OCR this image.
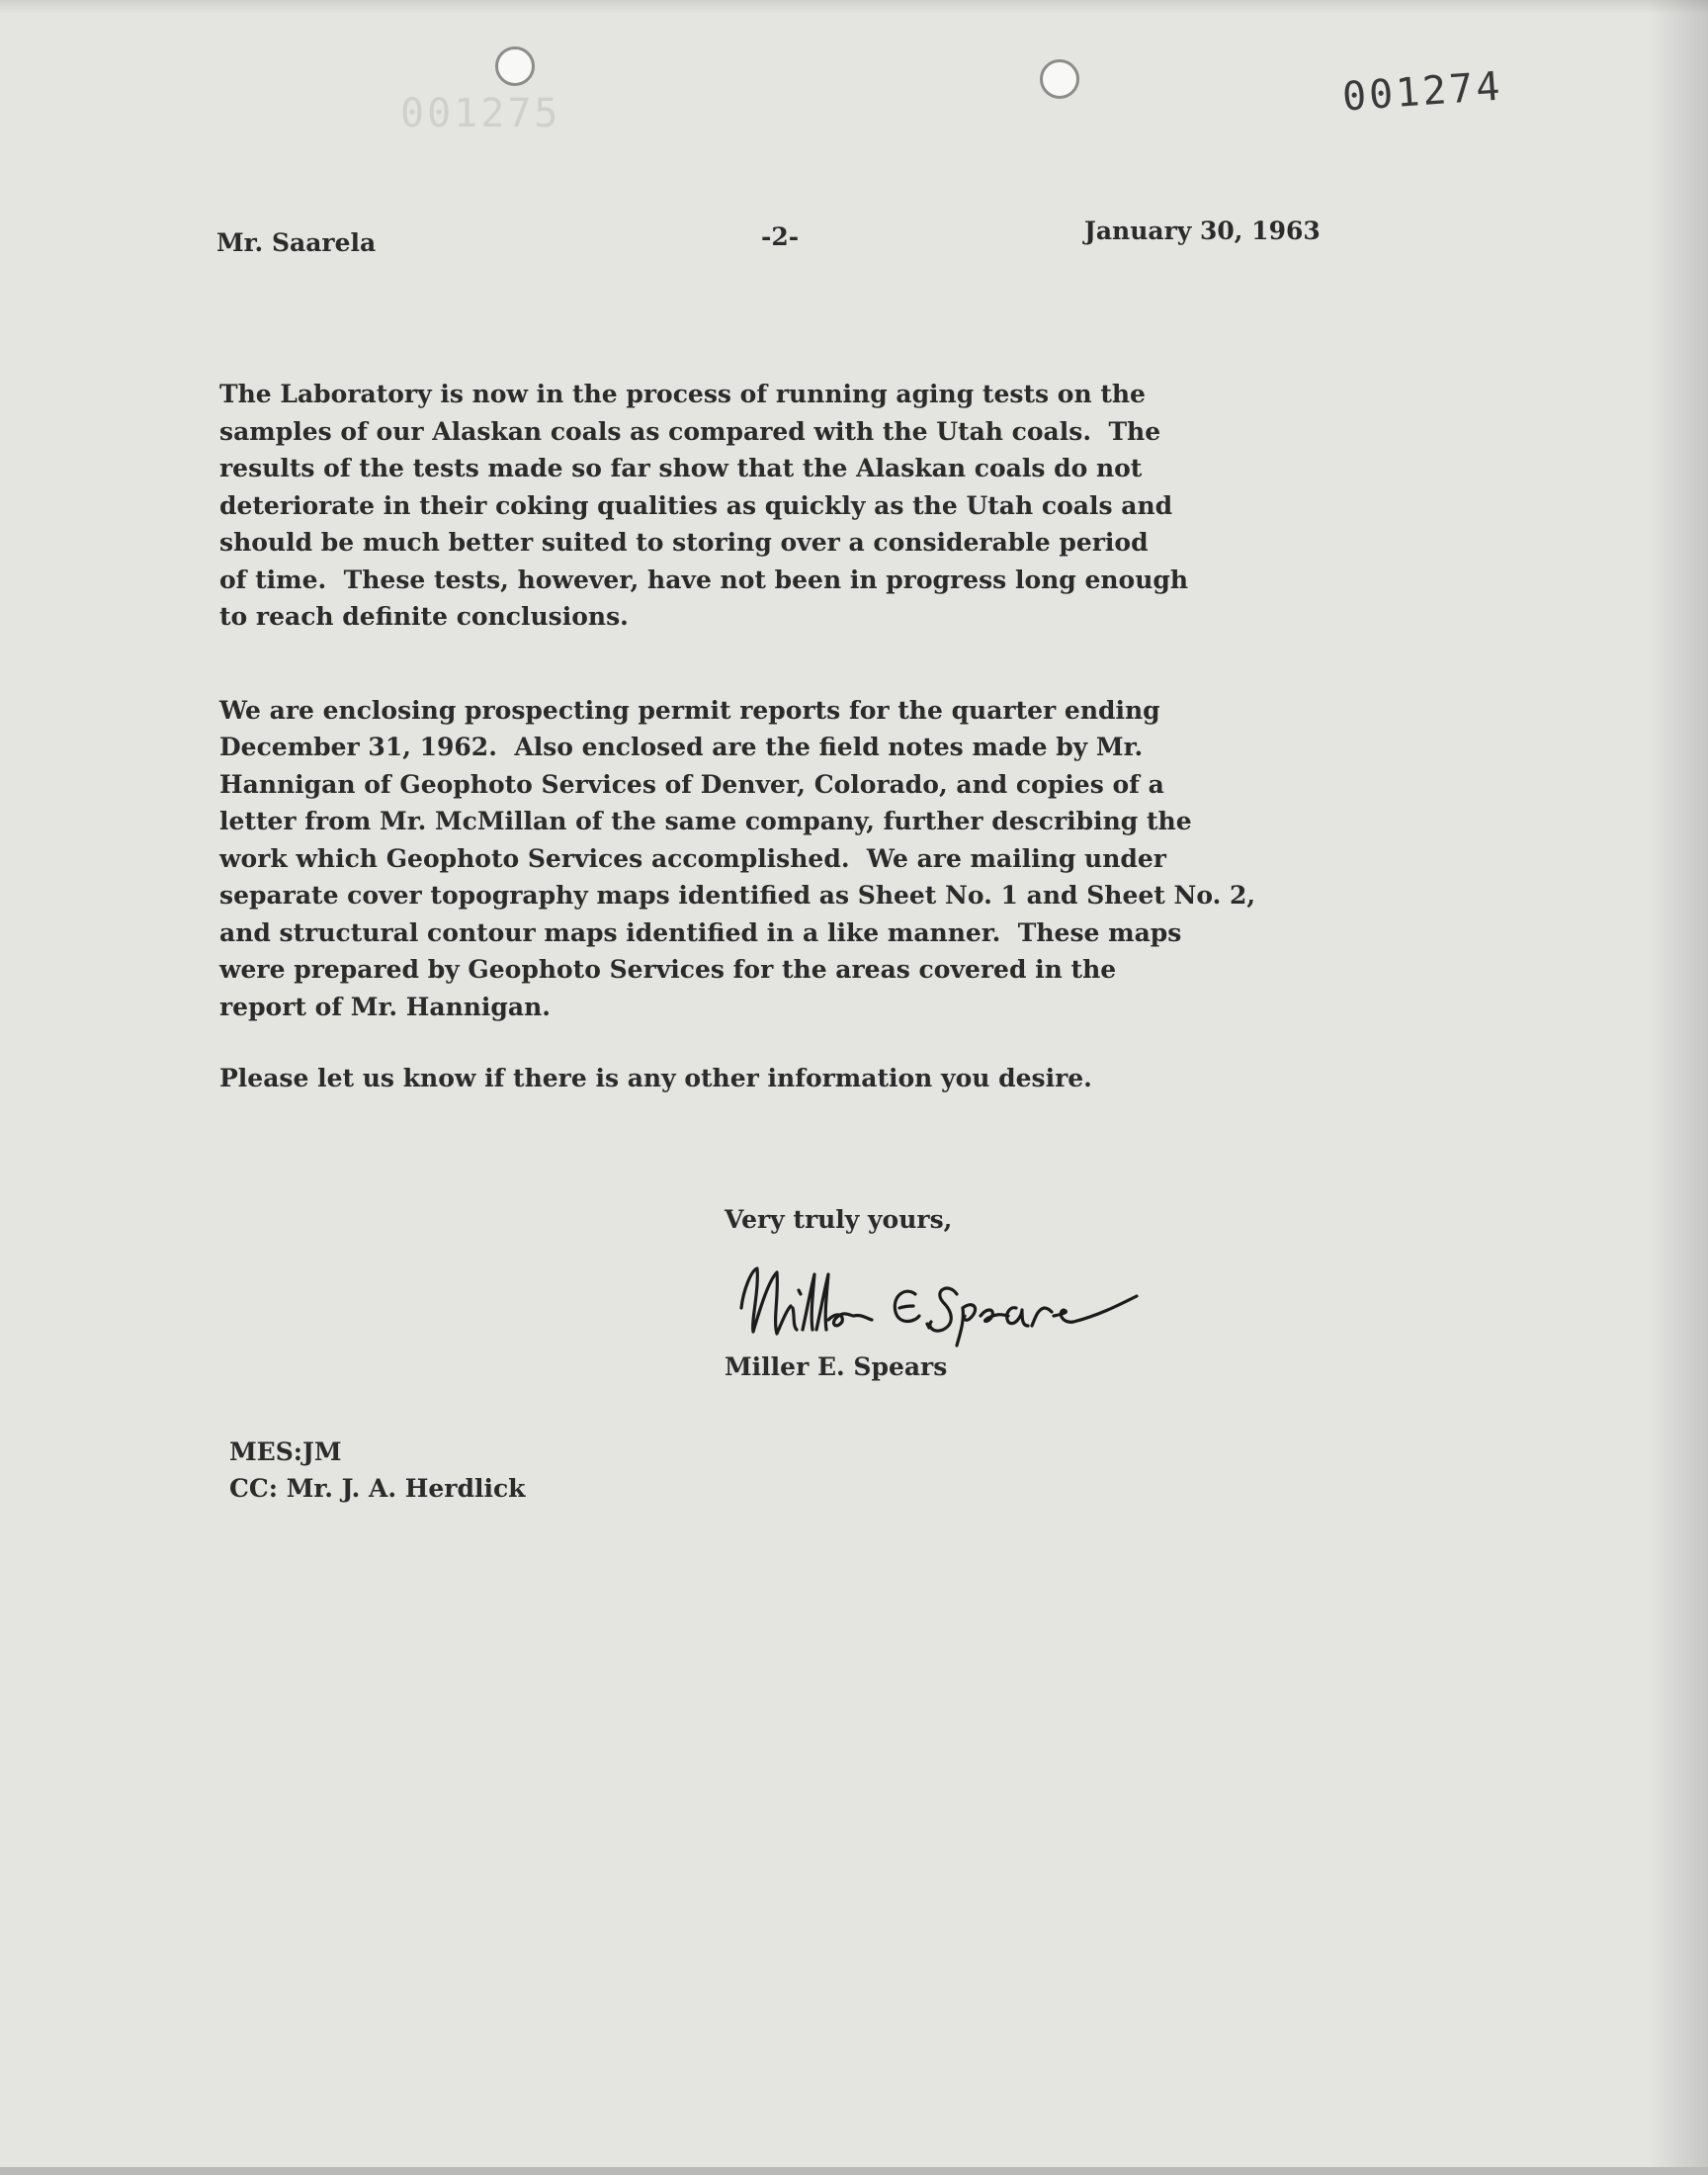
001275	001274

Mr. Saarela	-2-	January 30, 1963

The Laboratory is now in the process of running aging tests on the

samples of our Alaskan coals as compared with the Utah coals.  The

results of the tests made so far show that the Alaskan coals do not

deteriorate in their coking qualities as quickly as the Utah coals and

should be much better suited to storing over a considerable period

of time.  These tests, however, have not been in progress long enough

to reach definite conclusions.

We are enclosing prospecting permit reports for the quarter ending

December 31, 1962.  Also enclosed are the field notes made by Mr.

Hannigan of Geophoto Services of Denver, Colorado, and copies of a

letter from Mr. McMillan of the same company, further describing the

work which Geophoto Services accomplished.  We are mailing under

separate cover topography maps identified as Sheet No. 1 and Sheet No. 2,

and structural contour maps identified in a like manner.  These maps

were prepared by Geophoto Services for the areas covered in the

report of Mr. Hannigan.

Please let us know if there is any other information you desire.

Very truly yours,

Miller E. Spears

MES:JM

CC: Mr. J. A. Herdlick
